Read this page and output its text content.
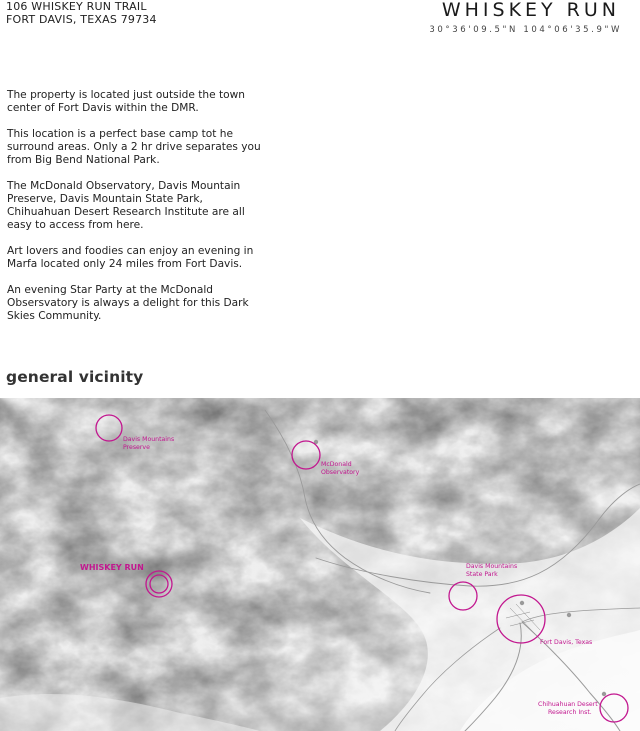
106 WHISKEY RUN TRAIL
FORT DAVIS, TEXAS 79734	WHISKEY RUN
30°36'09.5"N 104°06'35.9"W

The property is located just outside the town center of Fort Davis within the DMR.

This location is a perfect base camp tot he surround areas. Only a 2 hr drive separates you from Big Bend National Park.

The McDonald Observatory, Davis Mountain Preserve, Davis Mountain State Park, Chihuahuan Desert Research Institute are all easy to access from here.

Art lovers and foodies can enjoy an evening in Marfa located only 24 miles from Fort Davis.

An evening Star Party at the McDonald Obsersvatory is always a delight for this Dark Skies Community.

general vicinity
Davis Mountains Preserve
McDonald Observatory
WHISKEY RUN	Davis Mountains State Park
Fort Davis, Texas
Chihuahuan Desert Research Inst.
